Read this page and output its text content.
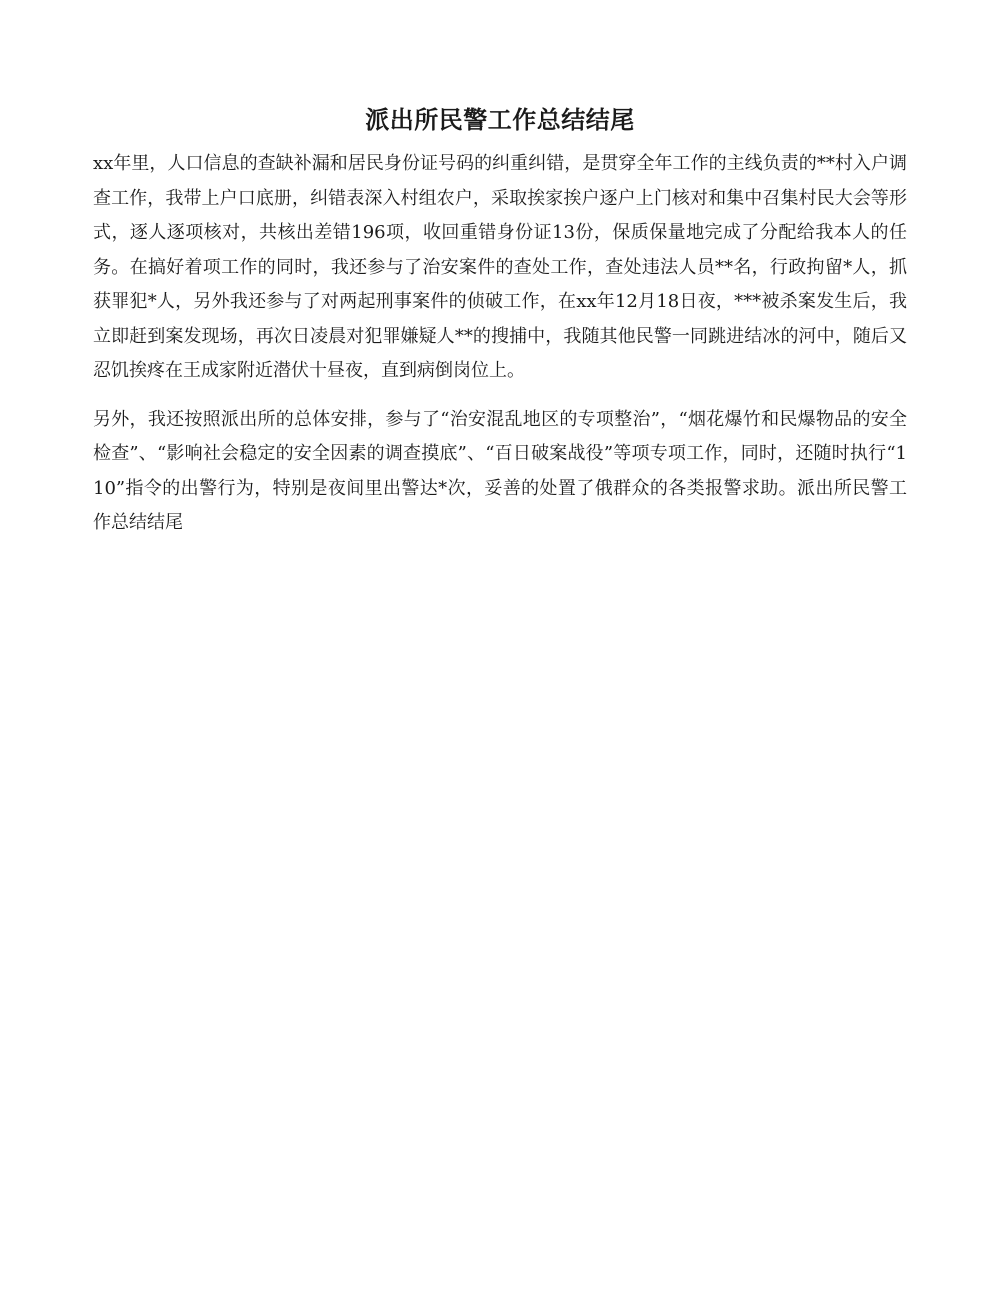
派出所民警工作总结结尾

xx年里，人口信息的查缺补漏和居民身份证号码的纠重纠错，是贯穿全年工作的主线负责的**村入户调查工作，我带上户口底册，纠错表深入村组农户，采取挨家挨户逐户上门核对和集中召集村民大会等形式，逐人逐项核对，共核出差错196项，收回重错身份证13份，保质保量地完成了分配给我本人的任务。在搞好着项工作的同时，我还参与了治安案件的查处工作，查处违法人员**名，行政拘留*人，抓获罪犯*人，另外我还参与了对两起刑事案件的侦破工作，在xx年12月18日夜，***被杀案发生后，我立即赶到案发现场，再次日凌晨对犯罪嫌疑人**的搜捕中，我随其他民警一同跳进结冰的河中，随后又忍饥挨疼在王成家附近潜伏十昼夜，直到病倒岗位上。

另外，我还按照派出所的总体安排，参与了“治安混乱地区的专项整治”，“烟花爆竹和民爆物品的安全检查”、“影响社会稳定的安全因素的调查摸底”、“百日破案战役”等项专项工作，同时，还随时执行“110”指令的出警行为，特别是夜间里出警达*次，妥善的处置了俄群众的各类报警求助。派出所民警工作总结结尾
